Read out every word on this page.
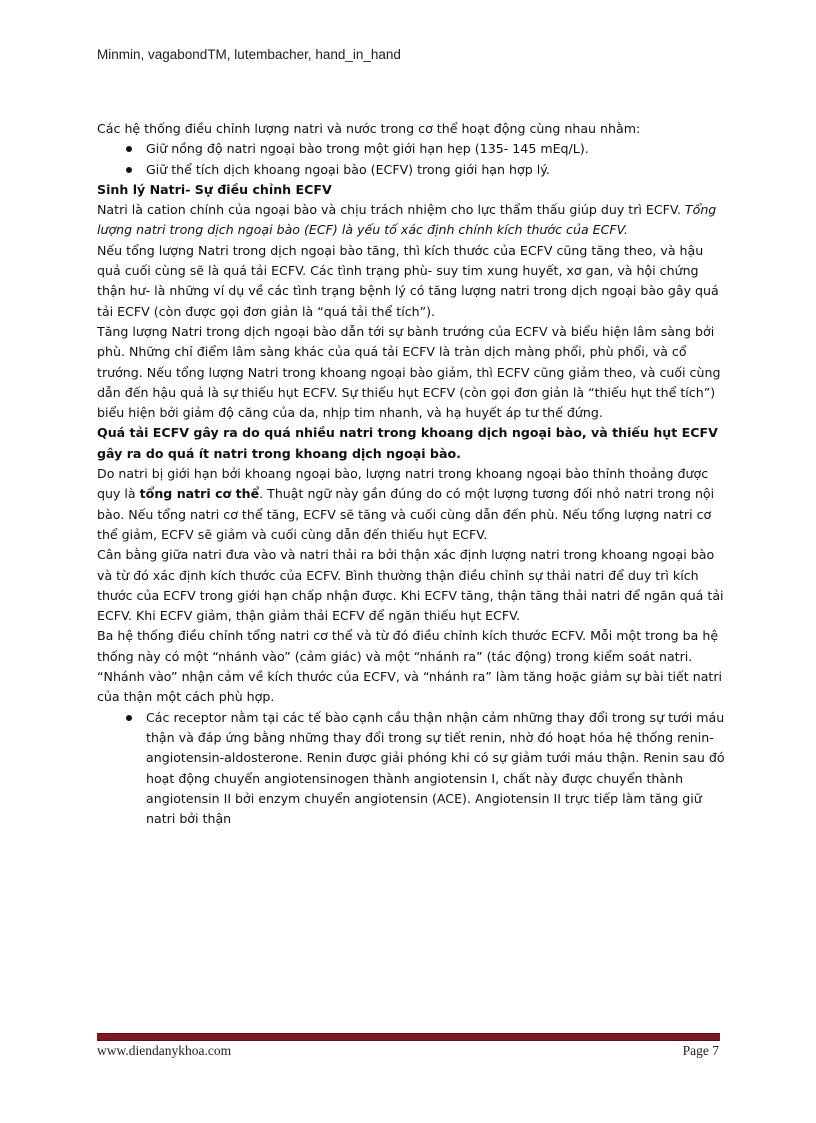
Minmin, vagabondTM, lutembacher, hand_in_hand

Các hệ thống điều chỉnh lượng natri và nước trong cơ thể hoạt động cùng nhau nhằm:

Giữ nồng độ natri ngoại bào trong một giới hạn hẹp (135- 145 mEq/L).
Giữ thể tích dịch khoang ngoại bào (ECFV) trong giới hạn hợp lý.

Sinh lý Natri- Sự điều chỉnh ECFV

Natri là cation chính của ngoại bào và chịu trách nhiệm cho lực thẩm thấu giúp duy trì ECFV. Tổng lượng natri trong dịch ngoại bào (ECF) là yếu tố xác định chính kích thước của ECFV.

Nếu tổng lượng Natri trong dịch ngoại bào tăng, thì kích thước của ECFV cũng tăng theo, và hậu quả cuối cùng sẽ là quá tải ECFV. Các tình trạng phù- suy tim xung huyết, xơ gan, và hội chứng thận hư- là những ví dụ về các tình trạng bệnh lý có tăng lượng natri trong dịch ngoại bào gây quá tải ECFV (còn được gọi đơn giản là “quá tải thể tích”).

Tăng lượng Natri trong dịch ngoại bào dẫn tới sự bành trướng của ECFV và biểu hiện lâm sàng bởi phù. Những chỉ điểm lâm sàng khác của quá tải ECFV là tràn dịch màng phổi, phù phổi, và cổ trướng. Nếu tổng lượng Natri trong khoang ngoại bào giảm, thì ECFV cũng giảm theo, và cuối cùng dẫn đến hậu quả là sự thiếu hụt ECFV. Sự thiếu hụt ECFV (còn gọi đơn giản là “thiếu hụt thể tích”) biểu hiện bởi giảm độ căng của da, nhịp tim nhanh, và hạ huyết áp tư thế đứng.

Quá tải ECFV gây ra do quá nhiều natri trong khoang dịch ngoại bào, và thiếu hụt ECFV gây ra do quá ít natri trong khoang dịch ngoại bào.

Do natri bị giới hạn bởi khoang ngoại bào, lượng natri trong khoang ngoại bào thỉnh thoảng được quy là tổng natri cơ thể. Thuật ngữ này gần đúng do có một lượng tương đối nhỏ natri trong nội bào. Nếu tổng natri cơ thể tăng, ECFV sẽ tăng và cuối cùng dẫn đến phù. Nếu tổng lượng natri cơ thể giảm, ECFV sẽ giảm và cuối cùng dẫn đến thiếu hụt ECFV.

Cân bằng giữa natri đưa vào và natri thải ra bởi thận xác định lượng natri trong khoang ngoại bào và từ đó xác định kích thước của ECFV. Bình thường thận điều chỉnh sự thải natri để duy trì kích thước của ECFV trong giới hạn chấp nhận được. Khi ECFV tăng, thận tăng thải natri để ngăn quá tải ECFV. Khi ECFV giảm, thận giảm thải ECFV để ngăn thiếu hụt ECFV.

Ba hệ thống điều chỉnh tổng natri cơ thể và từ đó điều chỉnh kích thước ECFV. Mỗi một trong ba hệ thống này có một “nhánh vào” (cảm giác) và một “nhánh ra” (tác động) trong kiểm soát natri. “Nhánh vào” nhận cảm về kích thước của ECFV, và “nhánh ra” làm tăng hoặc giảm sự bài tiết natri của thận một cách phù hợp.

Các receptor nằm tại các tế bào cạnh cầu thận nhận cảm những thay đổi trong sự tưới máu thận và đáp ứng bằng những thay đổi trong sự tiết renin, nhờ đó hoạt hóa hệ thống renin-angiotensin-aldosterone. Renin được giải phóng khi có sự giảm tưới máu thận. Renin sau đó hoạt động chuyển angiotensinogen thành angiotensin I, chất này được chuyển thành angiotensin II bởi enzym chuyển angiotensin (ACE). Angiotensin II trực tiếp làm tăng giữ natri bởi thận
www.diendanykhoa.com	Page 7
